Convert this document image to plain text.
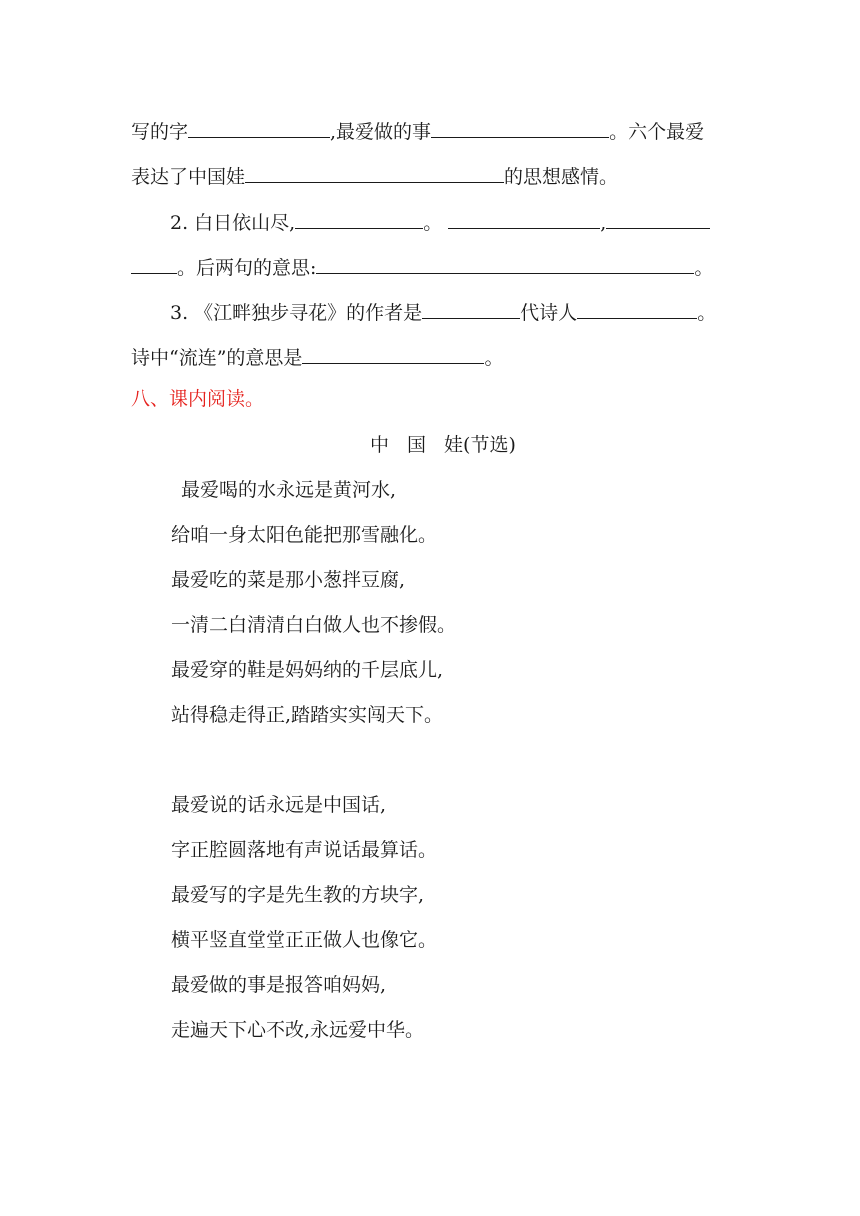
写的字	,最爱做的事	。六个最爱
表达了中国娃	的思想感情。
2. 白日依山尽,	。	,
。后两句的意思:	。
3. 《江畔独步寻花》的作者是	代诗人	。
诗中“流连”的意思是	。
八、课内阅读。
中 国 娃(节选)
最爱喝的水永远是黄河水,
给咱一身太阳色能把那雪融化。
最爱吃的菜是那小葱拌豆腐,
一清二白清清白白做人也不掺假。
最爱穿的鞋是妈妈纳的千层底儿,
站得稳走得正,踏踏实实闯天下。
最爱说的话永远是中国话,
字正腔圆落地有声说话最算话。
最爱写的字是先生教的方块字,
横平竖直堂堂正正做人也像它。
最爱做的事是报答咱妈妈,
走遍天下心不改,永远爱中华。
